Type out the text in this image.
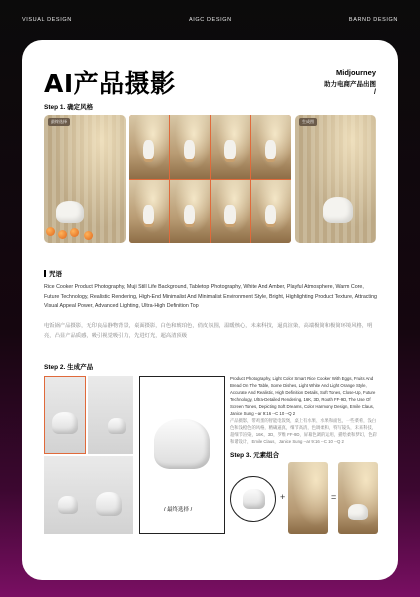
VISUAL DESIGN	AIGC DESIGN	BARND DESIGN
AI产品摄影	Midjourney
助力电商产品出图
/
Step 1. 确定风格
最终选择	生成图
咒语
Rice Cooker Product Photography, Muji Still Life Background, Tabletop Photography, White And Amber, Playful Atmosphere, Warm Core, Future Technology, Realistic Rendering, High-End Minimalist And Minimalist Environment Style, Bright, Highlighting Product Texture, Attracting Visual Appeal Power, Advanced Lighting, Ultra-High Definition Top
电饭锅产品摄影，无印良品静物背景，桌面摄影，白色和琥珀色，俏皮氛围，温暖核心，未来科技，逼真渲染，高端极简和极简环境风格，明亮，凸显产品质感，吸引视觉吸引力，先进灯光，超高清顶级
Step 2. 生成产品
/ 最终选择 /
Product Photography, Light Color Smart Rice Cooker With Eggs, Fruits And Bread On The Table, Some Dishes, Light White And Light Orange Style, Accurate And Realistic, High Definition Details, Soft Tones, Close-Up, Future Technology, Ultra-Detailed Rendering, 16K, 3D, Rooth FF-9D, The Use Of Screen Tones, Depicting Soft Dreams, Color Harmony Design, Emile Claus, Janice Sung --ar 9:16 --C 10 --Q 2
产品摄影，带鸡蛋的智能电饭煲，桌上有水果、水果和面包，一些菜肴，浅白色和浅橙色的风格，精确逼真，细节高清，色调柔和，特写镜头，未来科技，超细节渲染，16K，3D，罗维 FF-9D，屏幕色调的运用，描绘柔和梦幻，色彩和谐设计，Emile Claus，Janice Sung --ar 9:16 --C 10 --Q 2
Step 3. 元素组合
+	=
